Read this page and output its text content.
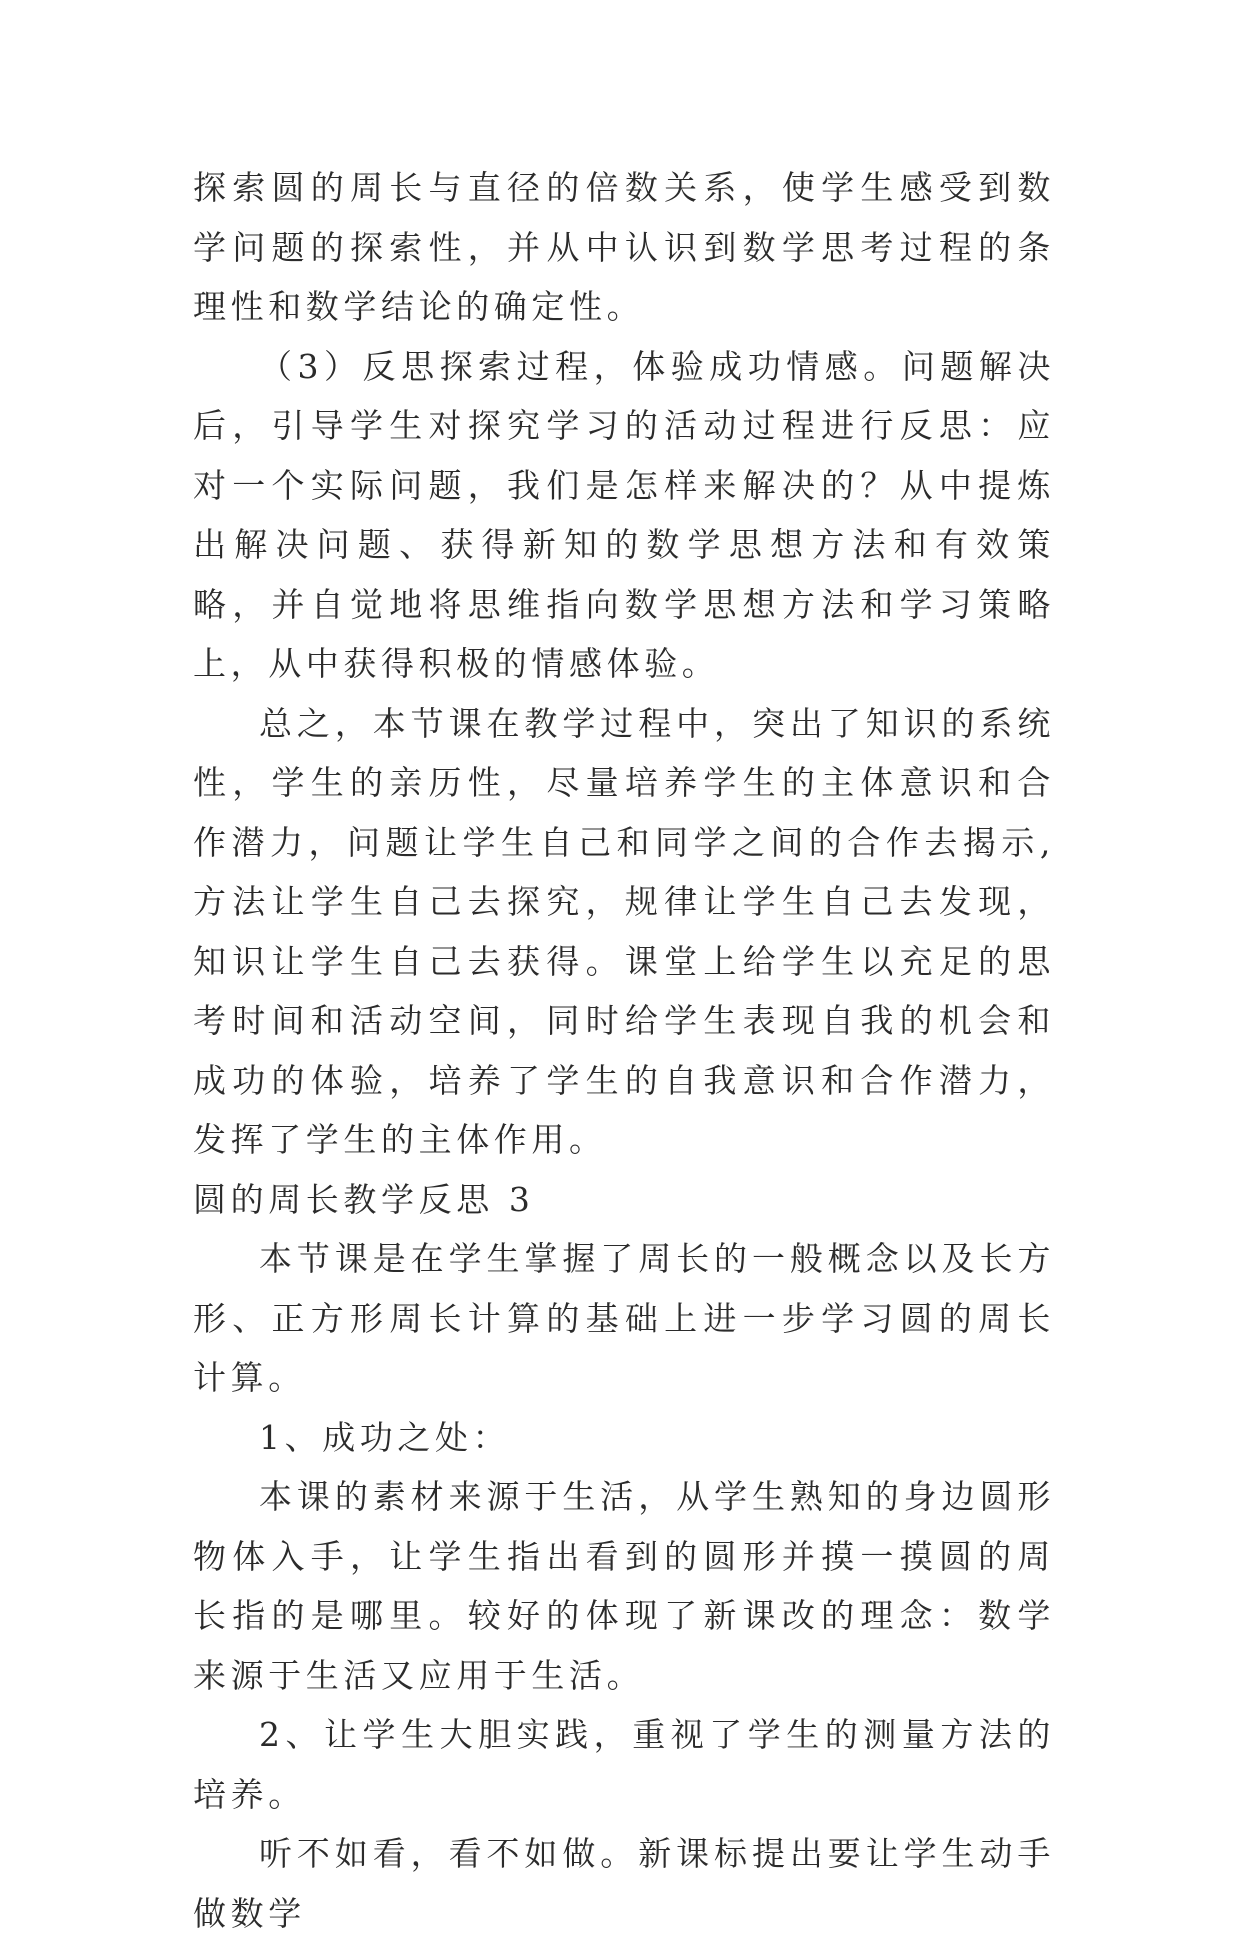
探索圆的周长与直径的倍数关系，使学生感受到数学问题的探索性，并从中认识到数学思考过程的条理性和数学结论的确定性。

（3）反思探索过程，体验成功情感。问题解决后，引导学生对探究学习的活动过程进行反思：应对一个实际问题，我们是怎样来解决的？从中提炼出解决问题、获得新知的数学思想方法和有效策略，并自觉地将思维指向数学思想方法和学习策略上，从中获得积极的情感体验。

总之，本节课在教学过程中，突出了知识的系统性，学生的亲历性，尽量培养学生的主体意识和合作潜力，问题让学生自己和同学之间的合作去揭示,方法让学生自己去探究，规律让学生自己去发现，知识让学生自己去获得。课堂上给学生以充足的思考时间和活动空间，同时给学生表现自我的机会和成功的体验，培养了学生的自我意识和合作潜力，发挥了学生的主体作用。

圆的周长教学反思 3

本节课是在学生掌握了周长的一般概念以及长方形、正方形周长计算的基础上进一步学习圆的周长计算。

1、成功之处：

本课的素材来源于生活，从学生熟知的身边圆形物体入手，让学生指出看到的圆形并摸一摸圆的周长指的是哪里。较好的体现了新课改的理念：数学来源于生活又应用于生活。

2、让学生大胆实践，重视了学生的测量方法的培养。

听不如看，看不如做。新课标提出要让学生动手做数学
